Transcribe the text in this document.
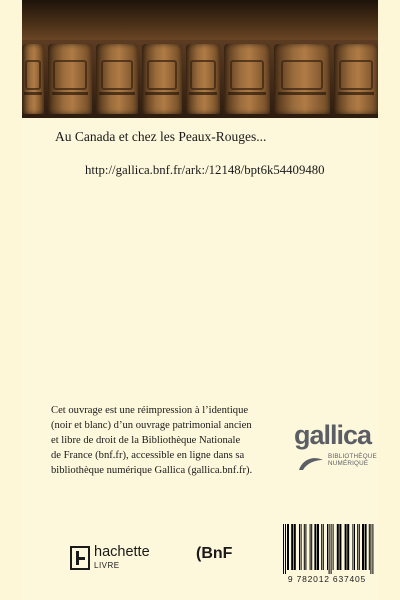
Au Canada et chez les Peaux-Rouges...
http://gallica.bnf.fr/ark:/12148/bpt6k54409480
Cet ouvrage est une réimpression à l’identique
(noir et blanc) d’un ouvrage patrimonial ancien
et libre de droit de la Bibliothèque Nationale
de France (bnf.fr), accessible en ligne dans sa
bibliothèque numérique Gallica (gallica.bnf.fr).
gallica
BIBLIOTHÈQUE
NUMÉRIQUE
hachette
LIVRE
(BnF
9 782012 637405
